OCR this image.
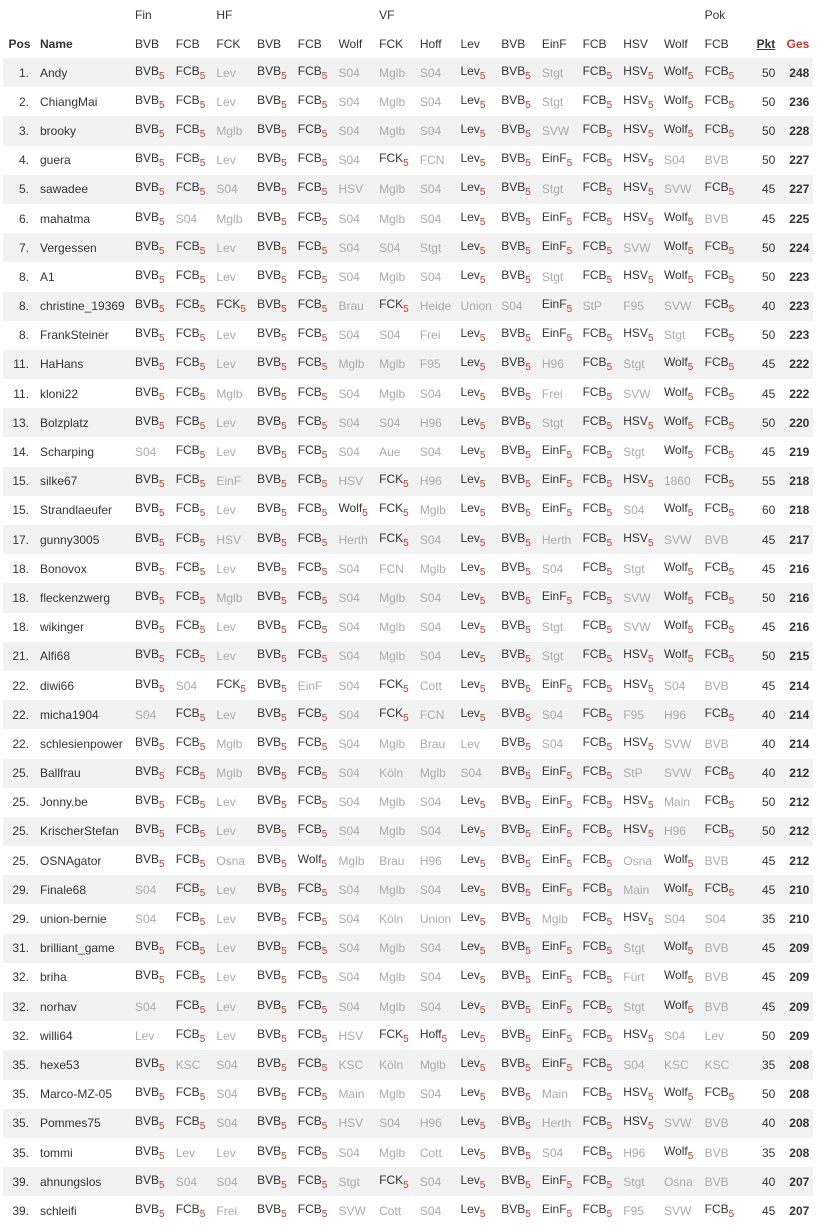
		Fin		HF				VF								Pok		
Pos	Name	BVB	FCB	FCK	BVB	FCB	Wolf	FCK	Hoff	Lev	BVB	EinF	FCB	HSV	Wolf	FCB	Pkt	Ges
1.	Andy	$BVB_5$	$FCB_5$	Lev	$BVB_5$	$FCB_5$	S04	Mglb	S04	Lev$_5$	$BVB_5$	Stgt	$FCB_5$	$HSV_5$	Wolf$_5$	$FCB_5$	50	248
2.	ChiangMai	$BVB_5$	$FCB_5$	Lev	$BVB_5$	$FCB_5$	S04	Mglb	S04	Lev$_5$	$BVB_5$	Stgt	$FCB_5$	$HSV_5$	Wolf$_5$	$FCB_5$	50	236
3.	brooky	$BVB_5$	$FCB_5$	Mglb	$BVB_5$	$FCB_5$	S04	Mglb	S04	Lev$_5$	$BVB_5$	SVW	$FCB_5$	$HSV_5$	Wolf$_5$	$FCB_5$	50	228
4.	guera	$BVB_5$	$FCB_5$	Lev	$BVB_5$	$FCB_5$	S04	$FCK_5$	FCN	Lev$_5$	$BVB_5$	EinF$_5$	$FCB_5$	$HSV_5$	S04	BVB	50	227
5.	sawadee	$BVB_5$	$FCB_5$	S04	$BVB_5$	$FCB_5$	HSV	Mglb	S04	Lev$_5$	$BVB_5$	Stgt	$FCB_5$	$HSV_5$	SVW	$FCB_5$	45	227
6.	mahatma	$BVB_5$	S04	Mglb	$BVB_5$	$FCB_5$	S04	Mglb	S04	Lev$_5$	$BVB_5$	EinF$_5$	$FCB_5$	$HSV_5$	Wolf$_5$	BVB	45	225
7.	Vergessen	$BVB_5$	$FCB_5$	Lev	$BVB_5$	$FCB_5$	S04	S04	Stgt	Lev$_5$	$BVB_5$	EinF$_5$	$FCB_5$	SVW	Wolf$_5$	$FCB_5$	50	224
8.	A1	$BVB_5$	$FCB_5$	Lev	$BVB_5$	$FCB_5$	S04	Mglb	S04	Lev$_5$	$BVB_5$	Stgt	$FCB_5$	$HSV_5$	Wolf$_5$	$FCB_5$	50	223
8.	christine_19369	$BVB_5$	$FCB_5$	$FCK_5$	$BVB_5$	$FCB_5$	Brau	$FCK_5$	Heide	Union	S04	EinF$_5$	StP	F95	SVW	$FCB_5$	40	223
8.	FrankSteiner	$BVB_5$	$FCB_5$	Lev	$BVB_5$	$FCB_5$	S04	S04	Frei	Lev$_5$	$BVB_5$	EinF$_5$	$FCB_5$	$HSV_5$	Stgt	$FCB_5$	50	223
11.	HaHans	$BVB_5$	$FCB_5$	Lev	$BVB_5$	$FCB_5$	Mglb	Mglb	F95	Lev$_5$	$BVB_5$	H96	$FCB_5$	Stgt	Wolf$_5$	$FCB_5$	45	222
11.	kloni22	$BVB_5$	$FCB_5$	Mglb	$BVB_5$	$FCB_5$	S04	Mglb	S04	Lev$_5$	$BVB_5$	Frei	$FCB_5$	SVW	Wolf$_5$	$FCB_5$	45	222
13.	Bolzplatz	$BVB_5$	$FCB_5$	Lev	$BVB_5$	$FCB_5$	S04	S04	H96	Lev$_5$	$BVB_5$	Stgt	$FCB_5$	$HSV_5$	Wolf$_5$	$FCB_5$	50	220
14.	Scharping	S04	$FCB_5$	Lev	$BVB_5$	$FCB_5$	S04	Aue	S04	Lev$_5$	$BVB_5$	EinF$_5$	$FCB_5$	Stgt	Wolf$_5$	$FCB_5$	45	219
15.	silke67	$BVB_5$	$FCB_5$	EinF	$BVB_5$	$FCB_5$	HSV	$FCK_5$	H96	Lev$_5$	$BVB_5$	EinF$_5$	$FCB_5$	$HSV_5$	1860	$FCB_5$	55	218
15.	Strandlaeufer	$BVB_5$	$FCB_5$	Lev	$BVB_5$	$FCB_5$	Wolf$_5$	$FCK_5$	Mglb	Lev$_5$	$BVB_5$	EinF$_5$	$FCB_5$	S04	Wolf$_5$	$FCB_5$	60	218
17.	gunny3005	$BVB_5$	$FCB_5$	HSV	$BVB_5$	$FCB_5$	Herth	$FCK_5$	S04	Lev$_5$	$BVB_5$	Herth	$FCB_5$	$HSV_5$	SVW	BVB	45	217
18.	Bonovox	$BVB_5$	$FCB_5$	Lev	$BVB_5$	$FCB_5$	S04	FCN	Mglb	Lev$_5$	$BVB_5$	S04	$FCB_5$	Stgt	Wolf$_5$	$FCB_5$	45	216
18.	fleckenzwerg	$BVB_5$	$FCB_5$	Mglb	$BVB_5$	$FCB_5$	S04	Mglb	S04	Lev$_5$	$BVB_5$	EinF$_5$	$FCB_5$	SVW	Wolf$_5$	$FCB_5$	50	216
18.	wikinger	$BVB_5$	$FCB_5$	Lev	$BVB_5$	$FCB_5$	S04	Mglb	S04	Lev$_5$	$BVB_5$	Stgt	$FCB_5$	SVW	Wolf$_5$	$FCB_5$	45	216
21.	Alfi68	$BVB_5$	$FCB_5$	Lev	$BVB_5$	$FCB_5$	S04	Mglb	S04	Lev$_5$	$BVB_5$	Stgt	$FCB_5$	$HSV_5$	Wolf$_5$	$FCB_5$	50	215
22.	diwi66	$BVB_5$	S04	$FCK_5$	$BVB_5$	EinF	S04	$FCK_5$	Cott	Lev$_5$	$BVB_5$	EinF$_5$	$FCB_5$	$HSV_5$	S04	BVB	45	214
22.	micha1904	S04	$FCB_5$	Lev	$BVB_5$	$FCB_5$	S04	$FCK_5$	FCN	Lev$_5$	$BVB_5$	S04	$FCB_5$	F95	H96	$FCB_5$	40	214
22.	schlesienpower	$BVB_5$	$FCB_5$	Mglb	$BVB_5$	$FCB_5$	S04	Mglb	Brau	Lev	$BVB_5$	S04	$FCB_5$	$HSV_5$	SVW	BVB	40	214
25.	Ballfrau	$BVB_5$	$FCB_5$	Mglb	$BVB_5$	$FCB_5$	S04	Köln	Mglb	S04	$BVB_5$	EinF$_5$	$FCB_5$	StP	SVW	$FCB_5$	40	212
25.	Jonny.be	$BVB_5$	$FCB_5$	Lev	$BVB_5$	$FCB_5$	S04	Mglb	S04	Lev$_5$	$BVB_5$	EinF$_5$	$FCB_5$	$HSV_5$	Main	$FCB_5$	50	212
25.	KrischerStefan	$BVB_5$	$FCB_5$	Lev	$BVB_5$	$FCB_5$	S04	Mglb	S04	Lev$_5$	$BVB_5$	EinF$_5$	$FCB_5$	$HSV_5$	H96	$FCB_5$	50	212
25.	OSNAgator	$BVB_5$	$FCB_5$	Osna	$BVB_5$	Wolf$_5$	Mglb	Brau	H96	Lev$_5$	$BVB_5$	EinF$_5$	$FCB_5$	Osna	Wolf$_5$	BVB	45	212
29.	Finale68	S04	$FCB_5$	Lev	$BVB_5$	$FCB_5$	S04	Mglb	S04	Lev$_5$	$BVB_5$	EinF$_5$	$FCB_5$	Main	Wolf$_5$	$FCB_5$	45	210
29.	union-bernie	S04	$FCB_5$	Lev	$BVB_5$	$FCB_5$	S04	Köln	Union	Lev$_5$	$BVB_5$	Mglb	$FCB_5$	$HSV_5$	S04	S04	35	210
31.	brilliant_game	$BVB_5$	$FCB_5$	Lev	$BVB_5$	$FCB_5$	S04	Mglb	S04	Lev$_5$	$BVB_5$	EinF$_5$	$FCB_5$	Stgt	Wolf$_5$	BVB	45	209
32.	briha	$BVB_5$	$FCB_5$	Lev	$BVB_5$	$FCB_5$	S04	Mglb	S04	Lev$_5$	$BVB_5$	EinF$_5$	$FCB_5$	Fürt	Wolf$_5$	BVB	45	209
32.	norhav	S04	$FCB_5$	Lev	$BVB_5$	$FCB_5$	S04	Mglb	S04	Lev$_5$	$BVB_5$	EinF$_5$	$FCB_5$	Stgt	Wolf$_5$	BVB	45	209
32.	willi64	Lev	$FCB_5$	Lev	$BVB_5$	$FCB_5$	HSV	$FCK_5$	Hoff$_5$	Lev$_5$	$BVB_5$	EinF$_5$	$FCB_5$	$HSV_5$	S04	Lev	50	209
35.	hexe53	$BVB_5$	KSC	S04	$BVB_5$	$FCB_5$	KSC	Köln	Mglb	Lev$_5$	$BVB_5$	EinF$_5$	$FCB_5$	S04	KSC	KSC	35	208
35.	Marco-MZ-05	$BVB_5$	$FCB_5$	S04	$BVB_5$	$FCB_5$	Main	Mglb	S04	Lev$_5$	$BVB_5$	Main	$FCB_5$	$HSV_5$	Wolf$_5$	$FCB_5$	50	208
35.	Pommes75	$BVB_5$	$FCB_5$	S04	$BVB_5$	$FCB_5$	HSV	S04	H96	Lev$_5$	$BVB_5$	Herth	$FCB_5$	$HSV_5$	SVW	BVB	40	208
35.	tommi	$BVB_5$	Lev	Lev	$BVB_5$	$FCB_5$	S04	Mglb	Cott	Lev$_5$	$BVB_5$	S04	$FCB_5$	H96	Wolf$_5$	BVB	35	208
39.	ahnungslos	$BVB_5$	S04	S04	$BVB_5$	$FCB_5$	Stgt	$FCK_5$	S04	Lev$_5$	$BVB_5$	EinF$_5$	$FCB_5$	Stgt	Osna	BVB	40	207
39.	schleifi	$BVB_5$	$FCB_5$	Frei	$BVB_5$	$FCB_5$	SVW	Cott	S04	Lev$_5$	$BVB_5$	EinF$_5$	$FCB_5$	F95	SVW	$FCB_5$	45	207
